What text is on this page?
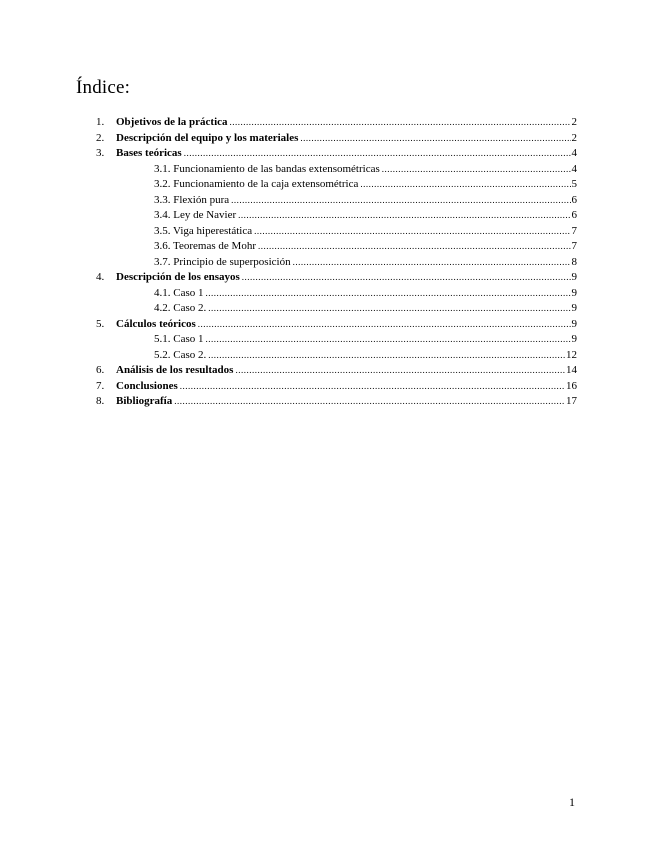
Índice:
1. Objetivos de la práctica .....	2
2. Descripción del equipo y los materiales .....	2
3. Bases teóricas .....	4
3.1. Funcionamiento de las bandas extensométricas .....	4
3.2. Funcionamiento de la caja extensométrica .....	5
3.3. Flexión pura .....	6
3.4. Ley de Navier .....	6
3.5. Viga hiperestática .....	7
3.6. Teoremas de Mohr .....	7
3.7. Principio de superposición .....	8
4. Descripción de los ensayos .....	9
4.1. Caso 1 .....	9
4.2. Caso 2. .....	9
5. Cálculos teóricos .....	9
5.1. Caso 1 .....	9
5.2. Caso 2. .....	12
6. Análisis de los resultados .....	14
7. Conclusiones .....	16
8. Bibliografía .....	17
1
